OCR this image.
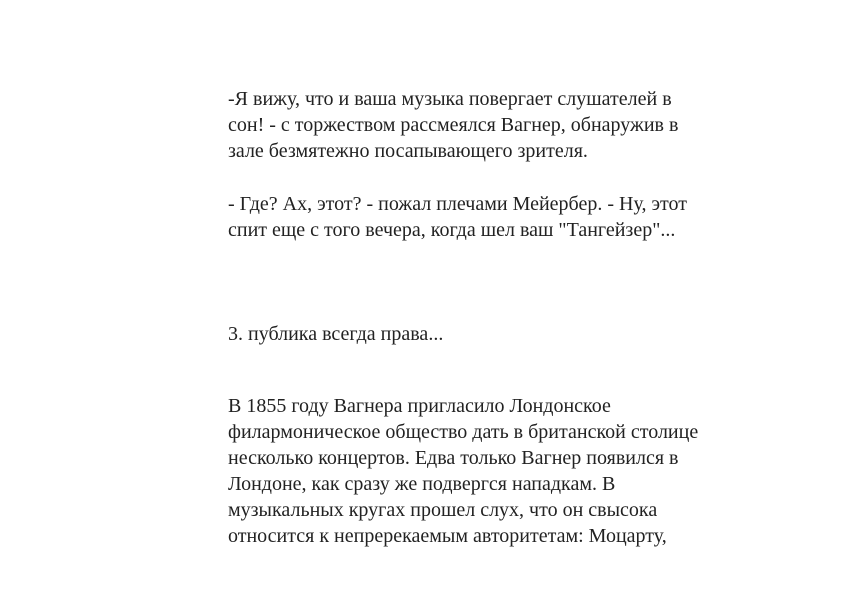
-Я вижу, что и ваша музыка повергает слушателей в

сон! - с торжеством рассмеялся Вагнер, обнаружив в

зале безмятежно посапывающего зрителя.

- Где? Ах, этот? - пожал плечами Мейербер. - Ну, этот

спит еще с того вечера, когда шел ваш "Тангейзер"...

3. публика всегда права...

В 1855 году Вагнера пригласило Лондонское

филармоническое общество дать в британской столице

несколько концертов. Едва только Вагнер появился в

Лондоне, как сразу же подвергся нападкам. В

музыкальных кругах прошел слух, что он свысока

относится к непререкаемым авторитетам: Моцарту,
